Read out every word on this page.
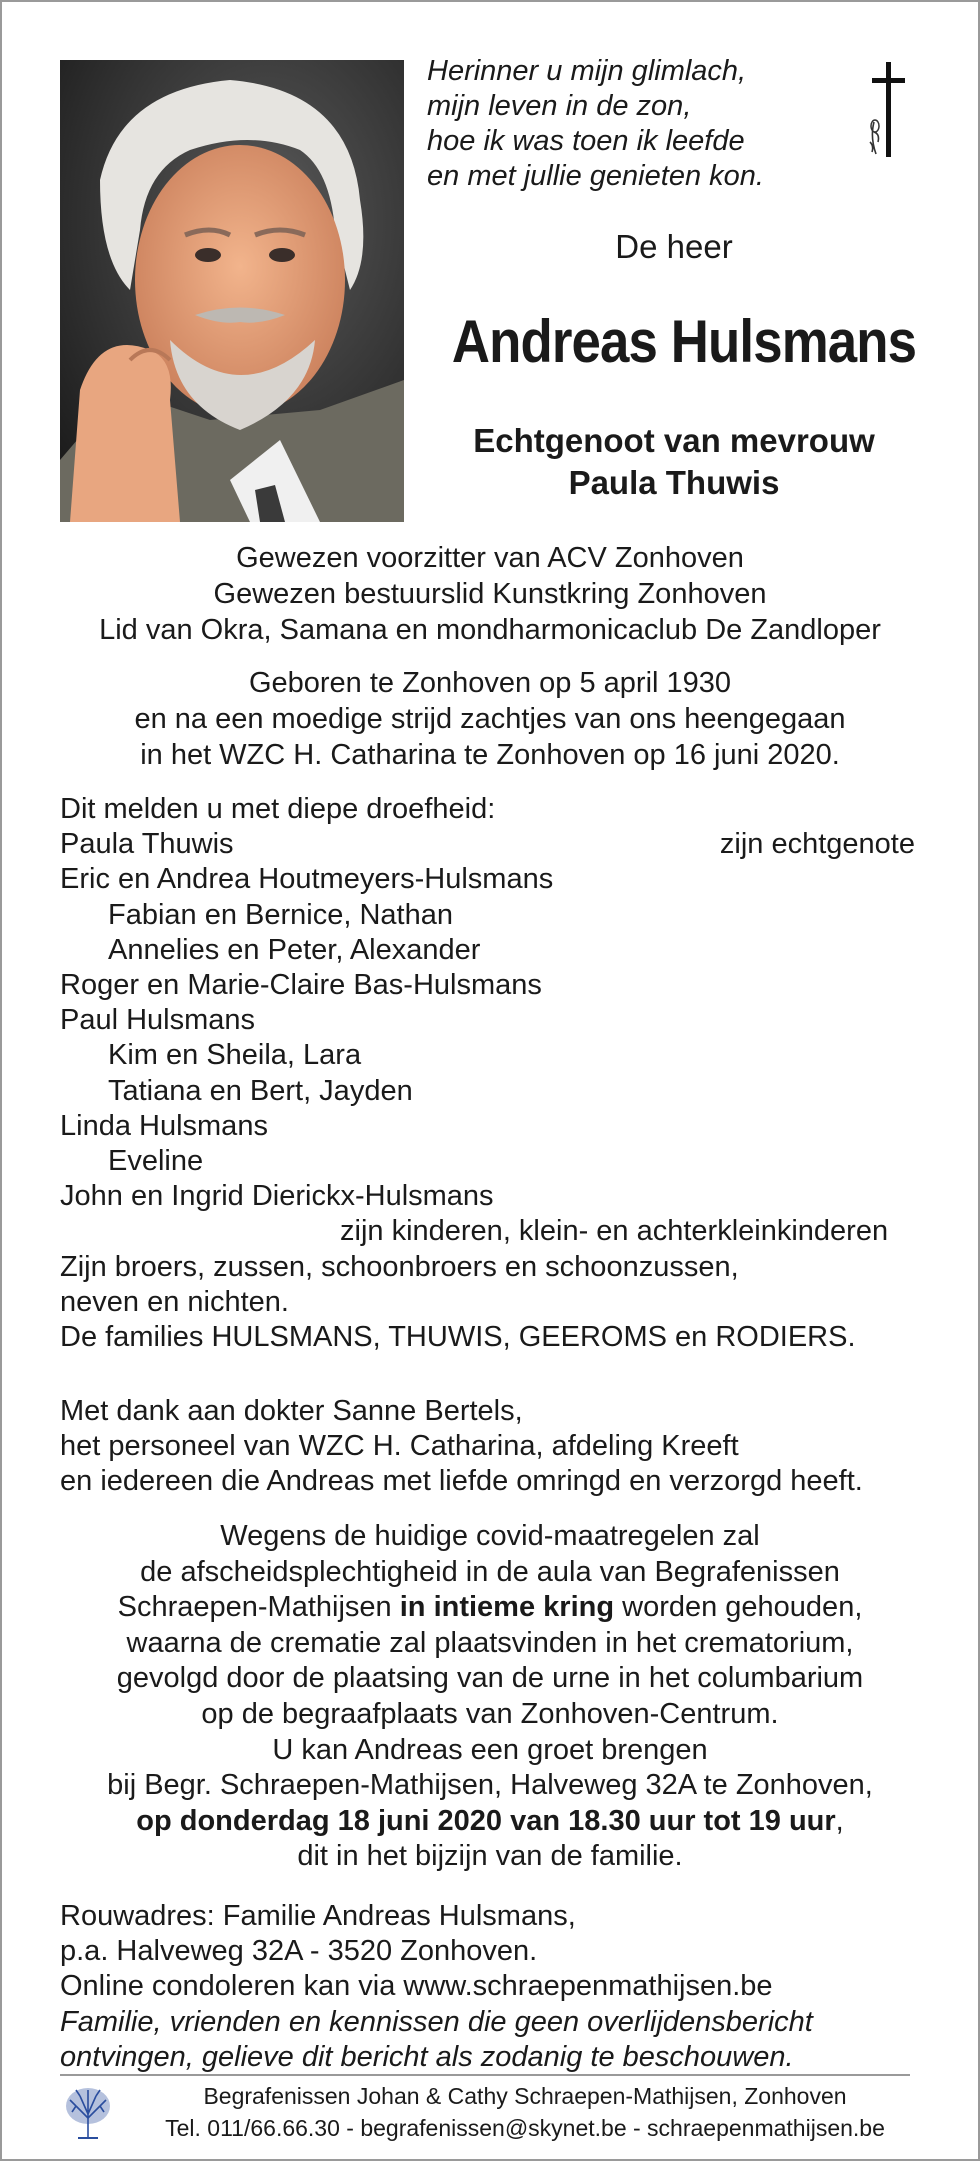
Herinner u mijn glimlach,
mijn leven in de zon,
hoe ik was toen ik leefde
en met jullie genieten kon.
De heer
Andreas Hulsmans
Echtgenoot van mevrouw
Paula Thuwis
Gewezen voorzitter van ACV Zonhoven
Gewezen bestuurslid Kunstkring Zonhoven
Lid van Okra, Samana en mondharmonicaclub De Zandloper
Geboren te Zonhoven op 5 april 1930
en na een moedige strijd zachtjes van ons heengegaan
in het WZC H. Catharina te Zonhoven op 16 juni 2020.
Dit melden u met diepe droefheid:
Paula Thuwis	zijn echtgenote
Eric en Andrea Houtmeyers-Hulsmans
Fabian en Bernice, Nathan
Annelies en Peter, Alexander
Roger en Marie-Claire Bas-Hulsmans
Paul Hulsmans
Kim en Sheila, Lara
Tatiana en Bert, Jayden
Linda Hulsmans
Eveline
John en Ingrid Dierickx-Hulsmans
zijn kinderen, klein- en achterkleinkinderen
Zijn broers, zussen, schoonbroers en schoonzussen,
neven en nichten.
De families HULSMANS, THUWIS, GEEROMS en RODIERS.
Met dank aan dokter Sanne Bertels,
het personeel van WZC H. Catharina, afdeling Kreeft
en iedereen die Andreas met liefde omringd en verzorgd heeft.
Wegens de huidige covid-maatregelen zal
de afscheidsplechtigheid in de aula van Begrafenissen
Schraepen-Mathijsen in intieme kring worden gehouden,
waarna de crematie zal plaatsvinden in het crematorium,
gevolgd door de plaatsing van de urne in het columbarium
op de begraafplaats van Zonhoven-Centrum.
U kan Andreas een groet brengen
bij Begr. Schraepen-Mathijsen, Halveweg 32A te Zonhoven,
op donderdag 18 juni 2020 van 18.30 uur tot 19 uur,
dit in het bijzijn van de familie.
Rouwadres: Familie Andreas Hulsmans,
p.a. Halveweg 32A - 3520 Zonhoven.
Online condoleren kan via www.schraepenmathijsen.be
Familie, vrienden en kennissen die geen overlijdensbericht
ontvingen, gelieve dit bericht als zodanig te beschouwen.
Begrafenissen Johan & Cathy Schraepen-Mathijsen, Zonhoven
Tel. 011/66.66.30 - begrafenissen@skynet.be - schraepenmathijsen.be
